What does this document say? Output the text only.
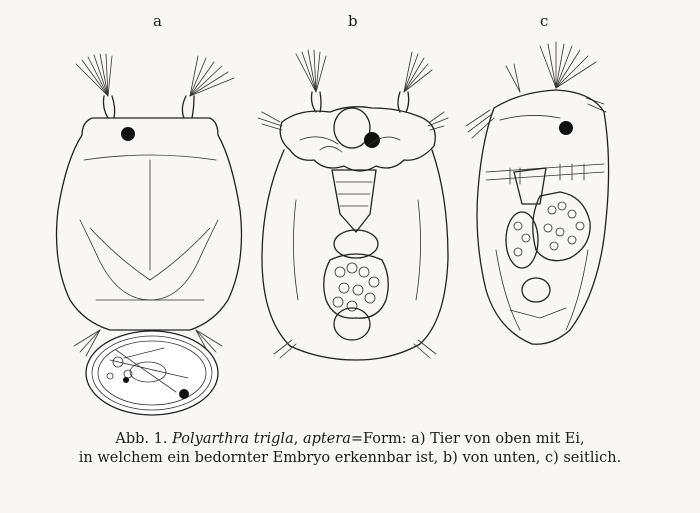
a	b	c
Abb. 1. Polyarthra trigla, aptera=Form: a) Tier von oben mit Ei,
in welchem ein bedornter Embryo erkennbar ist, b) von unten, c) seitlich.
